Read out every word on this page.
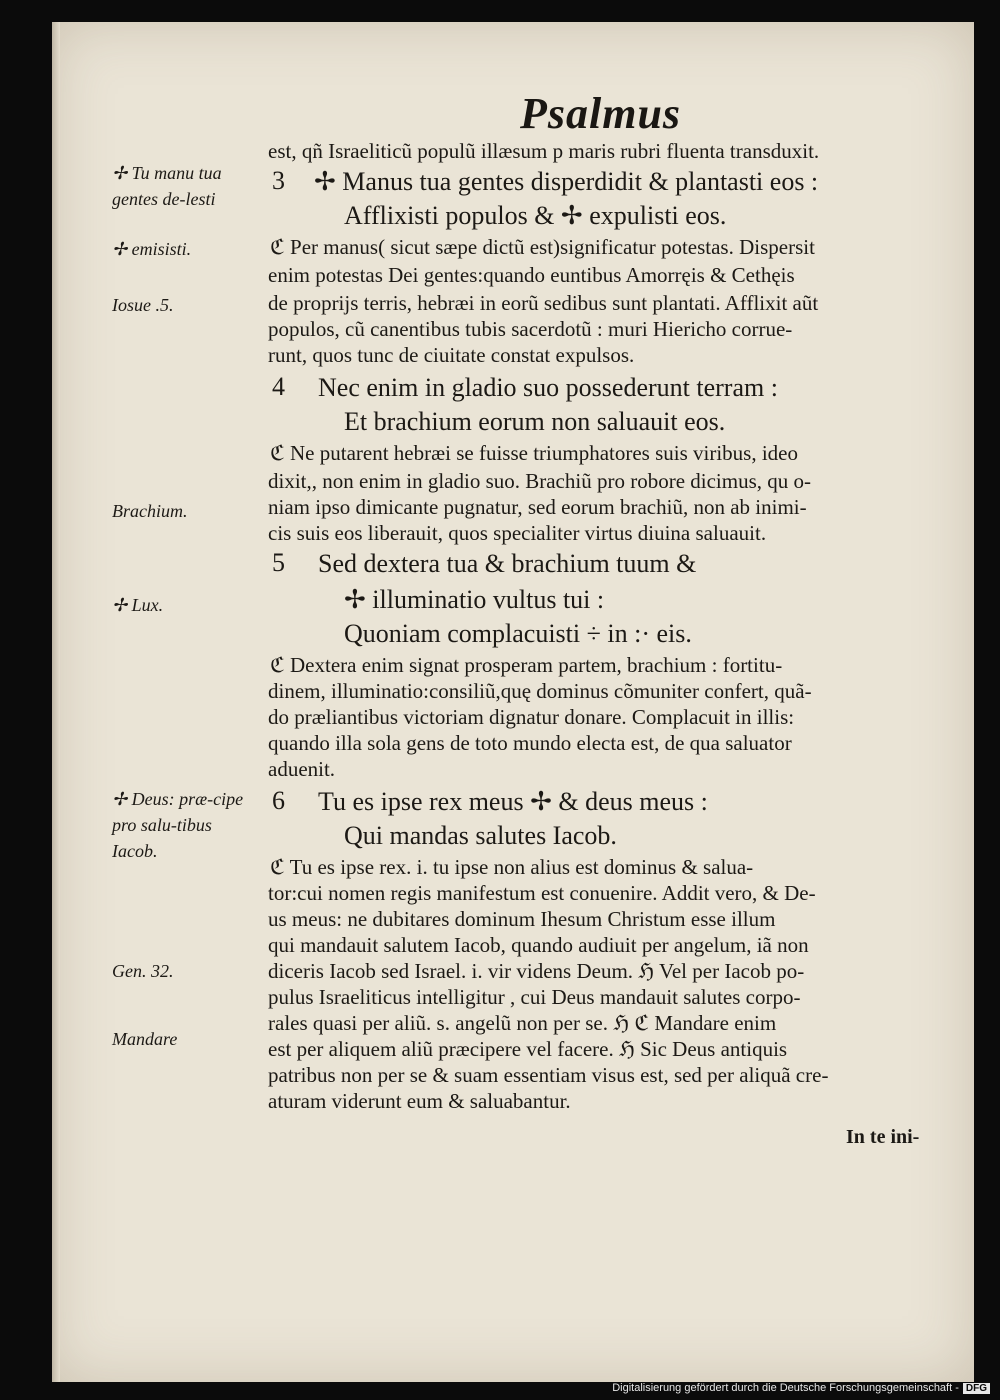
Psalmus
✢ Tu manu tua gentes de-lesti
✢ emisisti.
Iosue .5.
Brachium.
✢ Lux.
✢ Deus: præ-cipe pro salu-tibus Iacob.
Gen. 32.
Mandare
3
4
5
6
est, qñ Israeliticũ populũ illæsum p maris rubri fluenta transduxit.
✢ Manus tua gentes disperdidit & plantasti eos :
Afflixisti populos & ✢ expulisti eos.
ℭ Per manus( sicut sæpe dictũ est)significatur potestas. Dispersit
enim potestas Dei gentes:quando euntibus Amorręis & Cethęis
de proprijs terris, hebræi in eorũ sedibus sunt plantati. Afflixit aũt
populos, cũ canentibus tubis sacerdotũ : muri Hiericho corrue-
runt, quos tunc de ciuitate constat expulsos.
Nec enim in gladio suo possederunt terram :
Et brachium eorum non saluauit eos.
ℭ Ne putarent hebræi se fuisse triumphatores suis viribus, ideo
dixit,, non enim in gladio suo. Brachiũ pro robore dicimus, qu o-
niam ipso dimicante pugnatur, sed eorum brachiũ, non ab inimi-
cis suis eos liberauit, quos specialiter virtus diuina saluauit.
Sed dextera tua & brachium tuum &
✢ illuminatio vultus tui :
Quoniam complacuisti ÷ in :· eis.
ℭ Dextera enim signat prosperam partem, brachium : fortitu-
dinem, illuminatio:consiliũ,quę dominus cõmuniter confert, quã-
do præliantibus victoriam dignatur donare. Complacuit in illis:
quando illa sola gens de toto mundo electa est, de qua saluator
aduenit.
Tu es ipse rex meus ✢ & deus meus :
Qui mandas salutes Iacob.
ℭ Tu es ipse rex. i. tu ipse non alius est dominus & salua-
tor:cui nomen regis manifestum est conuenire. Addit vero, & De-
us meus: ne dubitares dominum Ihesum Christum esse illum
qui mandauit salutem Iacob, quando audiuit per angelum, iã non
diceris Iacob sed Israel. i. vir videns Deum. ℌ Vel per Iacob po-
pulus Israeliticus intelligitur , cui Deus mandauit salutes corpo-
rales quasi per aliũ. s. angelũ non per se. ℌ ℭ Mandare enim
est per aliquem aliũ præcipere vel facere. ℌ Sic Deus antiquis
patribus non per se & suam essentiam visus est, sed per aliquã cre-
aturam viderunt eum & saluabantur.
In te ini-
Digitalisierung gefördert durch die Deutsche Forschungsgemeinschaft - DFG
